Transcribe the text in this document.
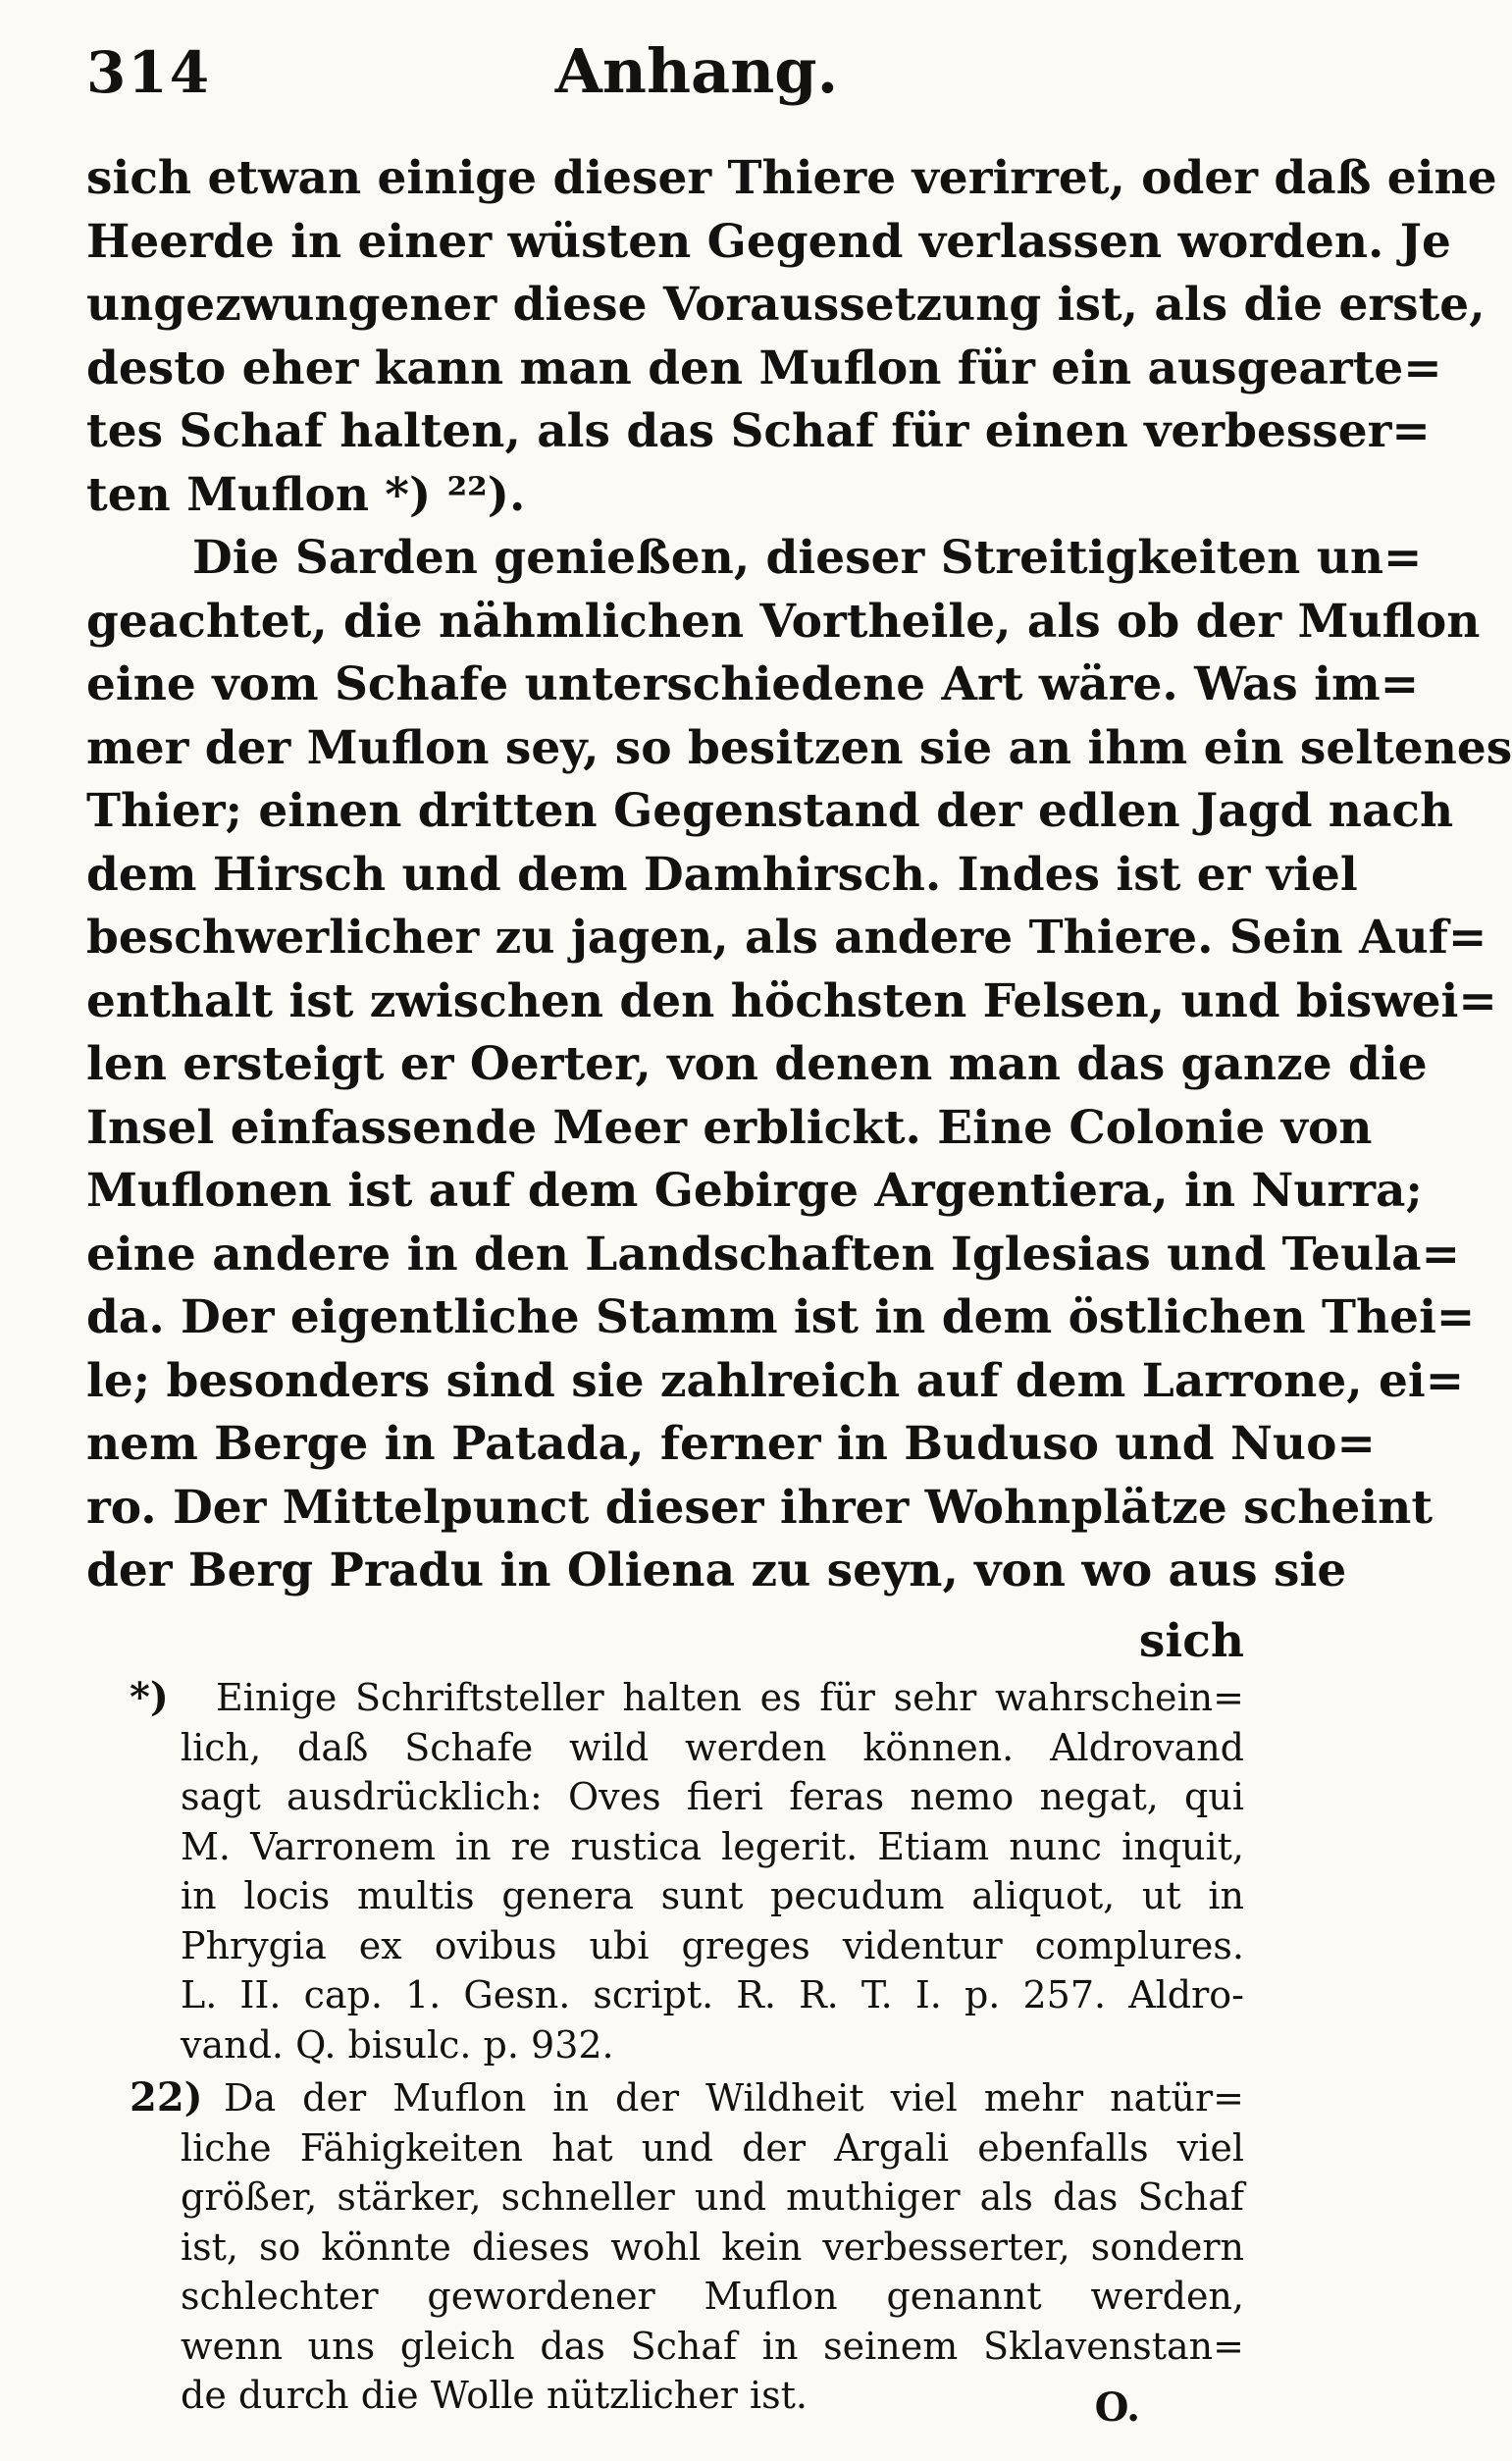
314	Anhang.
sich etwan einige dieser Thiere verirret, oder daß eine
Heerde in einer wüsten Gegend verlassen worden. Je
ungezwungener diese Voraussetzung ist, als die erste,
desto eher kann man den Muflon für ein ausgearte=
tes Schaf halten, als das Schaf für einen verbesser=
ten Muflon *) ²²).
Die Sarden genießen, dieser Streitigkeiten un=
geachtet, die nähmlichen Vortheile, als ob der Muflon
eine vom Schafe unterschiedene Art wäre. Was im=
mer der Muflon sey, so besitzen sie an ihm ein seltenes
Thier; einen dritten Gegenstand der edlen Jagd nach
dem Hirsch und dem Damhirsch. Indes ist er viel
beschwerlicher zu jagen, als andere Thiere. Sein Auf=
enthalt ist zwischen den höchsten Felsen, und biswei=
len ersteigt er Oerter, von denen man das ganze die
Insel einfassende Meer erblickt. Eine Colonie von
Muflonen ist auf dem Gebirge Argentiera, in Nurra;
eine andere in den Landschaften Iglesias und Teula=
da. Der eigentliche Stamm ist in dem östlichen Thei=
le; besonders sind sie zahlreich auf dem Larrone, ei=
nem Berge in Patada, ferner in Buduso und Nuo=
ro. Der Mittelpunct dieser ihrer Wohnplätze scheint
der Berg Pradu in Oliena zu seyn, von wo aus sie
sich
*)	Einige Schriftsteller halten es für sehr wahrschein=
lich, daß Schafe wild werden können. Aldrovand
sagt ausdrücklich: Oves fieri feras nemo negat, qui
M. Varronem in re rustica legerit. Etiam nunc inquit,
in locis multis genera sunt pecudum aliquot, ut in
Phrygia ex ovibus ubi greges videntur complures.
L. II. cap. 1. Gesn. script. R. R. T. I. p. 257. Aldro-
vand. Q. bisulc. p. 932.
22) Da der Muflon in der Wildheit viel mehr natür=
liche Fähigkeiten hat und der Argali ebenfalls viel
größer, stärker, schneller und muthiger als das Schaf
ist, so könnte dieses wohl kein verbesserter, sondern
schlechter gewordener Muflon genannt werden,
wenn uns gleich das Schaf in seinem Sklavenstan=
de durch die Wolle nützlicher ist.	O.
